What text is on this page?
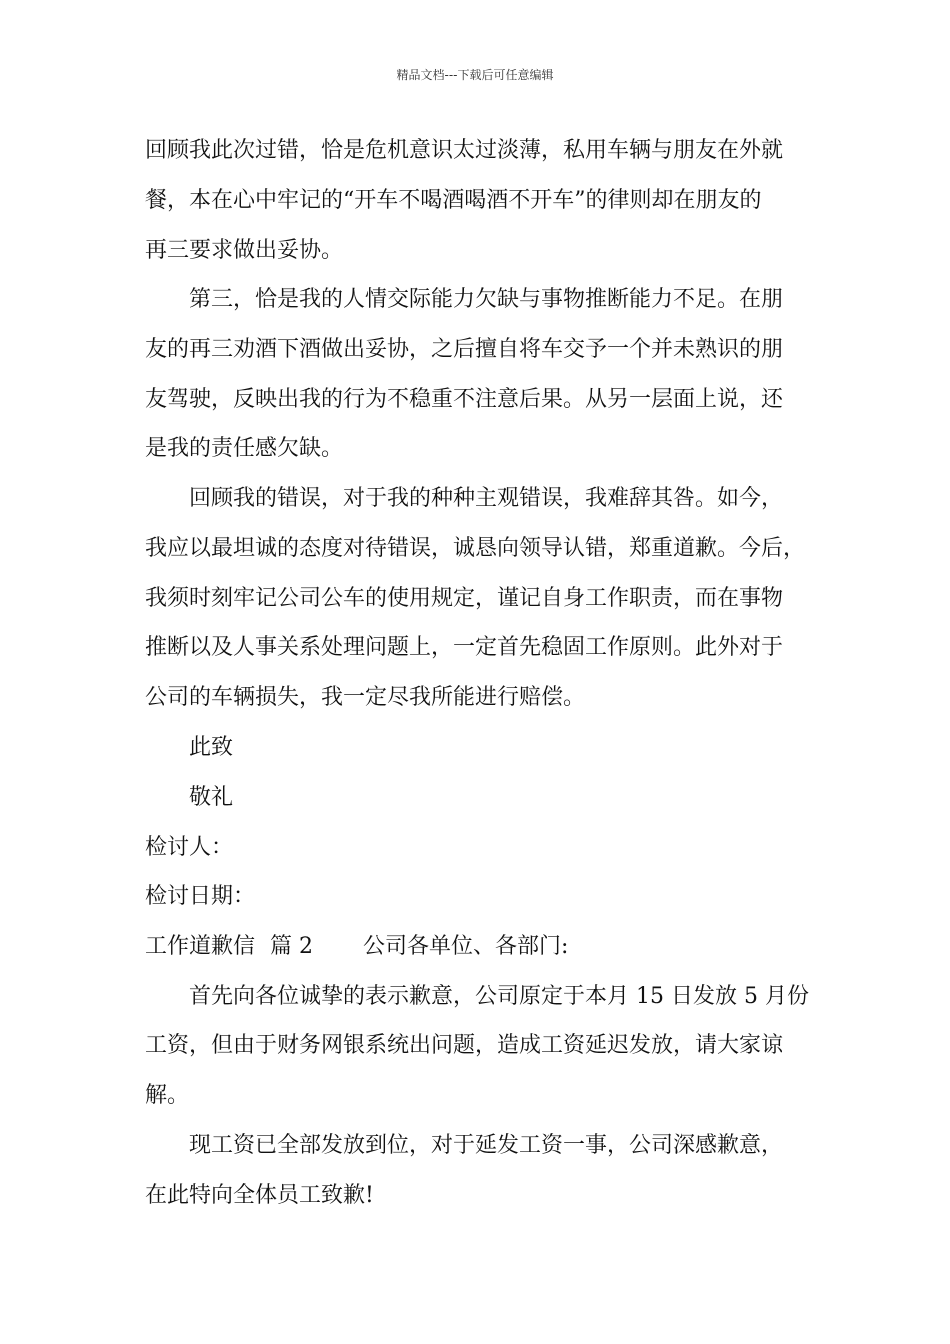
精品文档---下载后可任意编辑
回顾我此次过错，恰是危机意识太过淡薄，私用车辆与朋友在外就
餐，本在心中牢记的“开车不喝酒喝酒不开车”的律则却在朋友的
再三要求做出妥协。
第三，恰是我的人情交际能力欠缺与事物推断能力不足。在朋
友的再三劝酒下酒做出妥协，之后擅自将车交予一个并未熟识的朋
友驾驶，反映出我的行为不稳重不注意后果。从另一层面上说，还
是我的责任感欠缺。
回顾我的错误，对于我的种种主观错误，我难辞其咎。如今，
我应以最坦诚的态度对待错误，诚恳向领导认错，郑重道歉。今后，
我须时刻牢记公司公车的使用规定，谨记自身工作职责，而在事物
推断以及人事关系处理问题上，一定首先稳固工作原则。此外对于
公司的车辆损失，我一定尽我所能进行赔偿。
此致
敬礼
检讨人：
检讨日期：
工作道歉信 篇 2 公司各单位、各部门:
首先向各位诚挚的表示歉意，公司原定于本月 15 日发放 5 月份
工资，但由于财务网银系统出问题，造成工资延迟发放，请大家谅
解。
现工资已全部发放到位，对于延发工资一事，公司深感歉意，
在此特向全体员工致歉!
